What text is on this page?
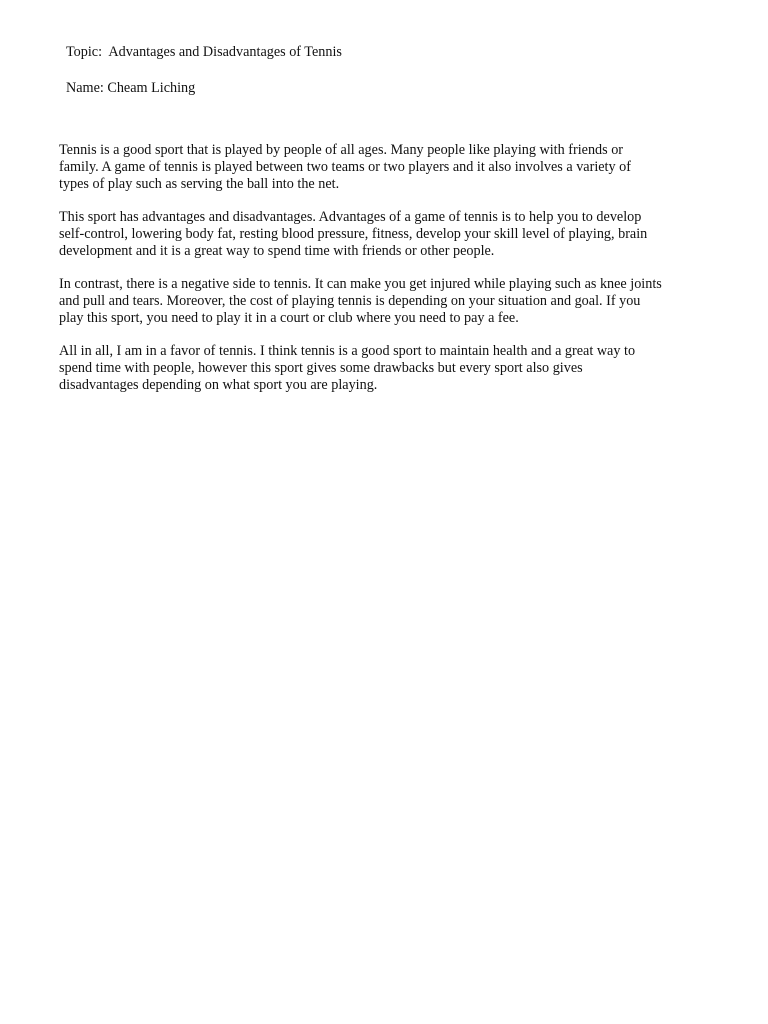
Topic: Advantages and Disadvantages of Tennis

Name: Cheam Liching

Tennis is a good sport that is played by people of all ages. Many people like playing with friends or
family. A game of tennis is played between two teams or two players and it also involves a variety of
types of play such as serving the ball into the net.

This sport has advantages and disadvantages. Advantages of a game of tennis is to help you to develop
self-control, lowering body fat, resting blood pressure, fitness, develop your skill level of playing, brain
development and it is a great way to spend time with friends or other people.

In contrast, there is a negative side to tennis. It can make you get injured while playing such as knee joints
and pull and tears. Moreover, the cost of playing tennis is depending on your situation and goal. If you
play this sport, you need to play it in a court or club where you need to pay a fee.

All in all, I am in a favor of tennis. I think tennis is a good sport to maintain health and a great way to
spend time with people, however this sport gives some drawbacks but every sport also gives
disadvantages depending on what sport you are playing.
